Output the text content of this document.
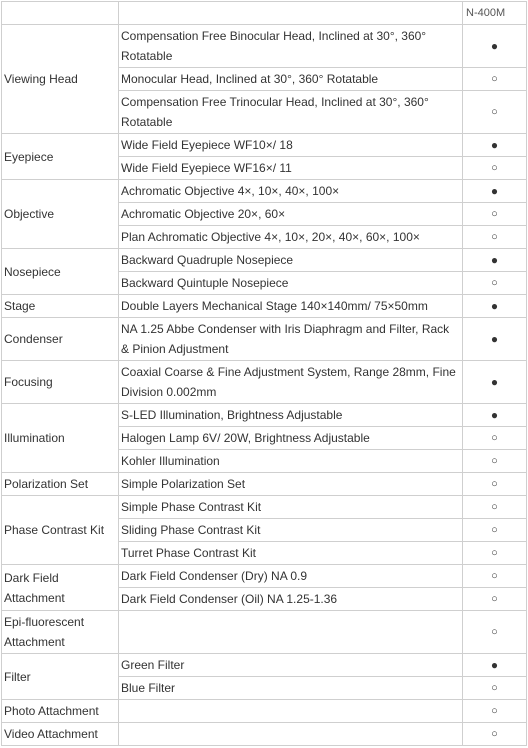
		N-400M
Viewing Head	Compensation Free Binocular Head, Inclined at 30°, 360° Rotatable	●
	Monocular Head, Inclined at 30°, 360° Rotatable	○
	Compensation Free Trinocular Head, Inclined at 30°, 360° Rotatable	○
Eyepiece	Wide Field Eyepiece WF10×/ 18	●
	Wide Field Eyepiece WF16×/ 11	○
Objective	Achromatic Objective 4×, 10×, 40×, 100×	●
	Achromatic Objective 20×, 60×	○
	Plan Achromatic Objective 4×, 10×, 20×, 40×, 60×, 100×	○
Nosepiece	Backward Quadruple Nosepiece	●
	Backward Quintuple Nosepiece	○
Stage	Double Layers Mechanical Stage 140×140mm/ 75×50mm	●
Condenser	NA 1.25 Abbe Condenser with Iris Diaphragm and Filter, Rack & Pinion Adjustment	●
Focusing	Coaxial Coarse & Fine Adjustment System, Range 28mm, Fine Division 0.002mm	●
Illumination	S-LED Illumination, Brightness Adjustable	●
	Halogen Lamp 6V/ 20W, Brightness Adjustable	○
	Kohler Illumination	○
Polarization Set	Simple Polarization Set	○
Phase Contrast Kit	Simple Phase Contrast Kit	○
	Sliding Phase Contrast Kit	○
	Turret Phase Contrast Kit	○
Dark Field Attachment	Dark Field Condenser (Dry) NA 0.9	○
	Dark Field Condenser (Oil) NA 1.25-1.36	○
Epi-fluorescent Attachment		○
Filter	Green Filter	●
	Blue Filter	○
Photo Attachment		○
Video Attachment		○
